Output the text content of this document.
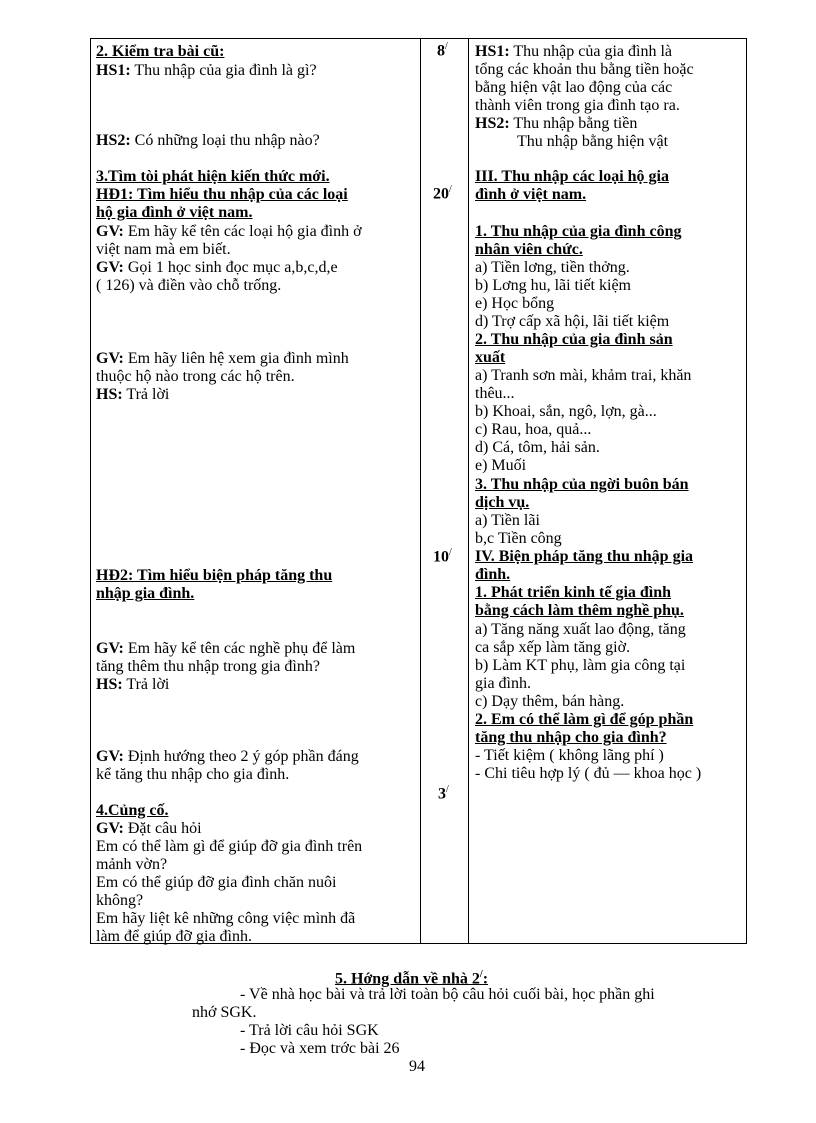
2. Kiểm tra bài cũ:
HS1: Thu nhập của gia đình là gì?
HS2: Có những loại thu nhập nào?
3.Tìm tòi phát hiện kiến thức mới.
HĐ1: Tìm hiểu thu nhập của các loại
hộ gia đình ở việt nam.
GV: Em hãy kể tên các loại hộ gia đình ở
việt nam mà em biết.
GV: Gọi 1 học sinh đọc mục a,b,c,d,e
( 126) và điền vào chỗ trống.
GV: Em hãy liên hệ xem gia đình mình
thuộc hộ nào trong các hộ trên.
HS: Trả lời
HĐ2: Tìm hiểu biện pháp tăng thu
nhập gia đình.
GV: Em hãy kể tên các nghề phụ để làm
tăng thêm thu nhập trong gia đình?
HS: Trả lời
GV: Định hướng theo 2 ý góp phần đáng
kể tăng thu nhập cho gia đình.
4.Củng cố.
GV: Đặt câu hỏi
Em có thể làm gì để giúp đỡ gia đình trên
mảnh vờn?
Em có thể giúp đỡ gia đình chăn nuôi
không?
Em hãy liệt kê những công việc mình đã
làm để giúp đỡ gia đình.
8/
20/
10/
3/
HS1: Thu nhập của gia đình là
tổng các khoản thu bằng tiền hoặc
bằng hiện vật lao động của các
thành viên trong gia đình tạo ra.
HS2: Thu nhập bằng tiền
Thu nhập bằng hiện vật
III. Thu nhập các loại hộ gia
đình ở việt nam.
1. Thu nhập của gia đình công
nhân viên chức.
a) Tiền lơng, tiền thởng.
b) Lơng hu, lãi tiết kiệm
e) Học bổng
d) Trợ cấp xã hội, lãi tiết kiệm
2. Thu nhập của gia đình sản
xuất
a) Tranh sơn mài, khảm trai, khăn
thêu...
b) Khoai, sắn, ngô, lợn, gà...
c) Rau, hoa, quả...
d) Cá, tôm, hải sản.
e) Muối
3. Thu nhập của ngời buôn bán
dịch vụ.
a) Tiền lãi
b,c Tiền công
IV. Biện pháp tăng thu nhập gia
đình.
1. Phát triển kinh tế gia đình
bằng cách làm thêm nghề phụ.
a) Tăng năng xuất lao động, tăng
ca sắp xếp làm tăng giờ.
b) Làm KT phụ, làm gia công tại
gia đình.
c) Dạy thêm, bán hàng.
2. Em có thể làm gì để góp phần
tăng thu nhập cho gia đình?
- Tiết kiệm ( không lãng phí )
- Chi tiêu hợp lý ( đủ — khoa học )
5. Hớng dẫn về nhà 2/:
- Về nhà học bài và trả lời toàn bộ câu hỏi cuối bài, học phần ghi
nhớ SGK.
- Trả lời câu hỏi SGK
- Đọc và xem trớc bài 26
94
